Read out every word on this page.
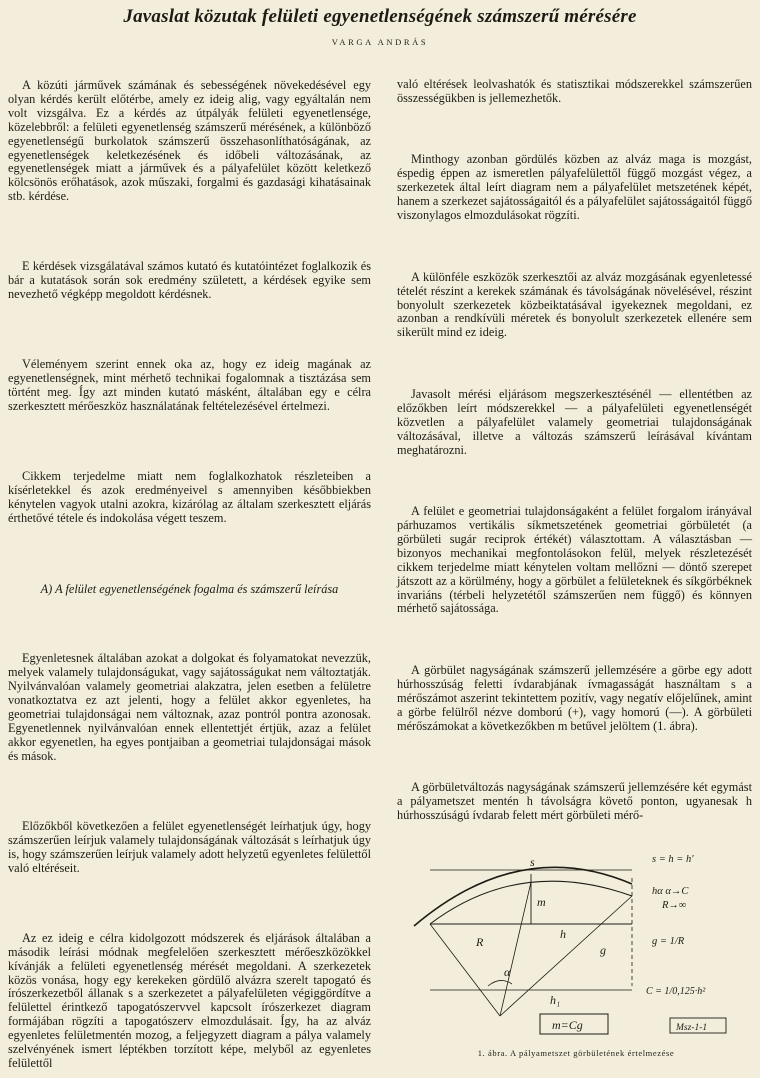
Javaslat közutak felületi egyenetlenségének számszerű mérésére
VARGA ANDRÁS

A közúti járművek számának és sebességének növekedésével egy olyan kérdés került előtérbe, amely ez ideig alig, vagy egyáltalán nem volt vizsgálva. Ez a kérdés az útpályák felületi egyenetlensége, közelebbről: a felületi egyenetlenség számszerű mérésének, a különböző egyenetlenségű burkolatok számszerű összehasonlíthatóságának, az egyenetlenségek keletkezésének és időbeli változásának, az egyenetlenségek miatt a járművek és a pályafelület között keletkező kölcsönös erőhatások, azok műszaki, forgalmi és gazdasági kihatásainak stb. kérdése.

E kérdések vizsgálatával számos kutató és kutatóintézet foglalkozik és bár a kutatások során sok eredmény született, a kérdések egyike sem nevezhető végképp megoldott kérdésnek.

Véleményem szerint ennek oka az, hogy ez ideig magának az egyenetlenségnek, mint mérhető technikai fogalomnak a tisztázása sem történt meg. Így azt minden kutató másként, általában egy e célra szerkesztett mérőeszköz használatának feltételezésével értelmezi.

Cikkem terjedelme miatt nem foglalkozhatok részleteiben a kísérletekkel és azok eredményeivel s amennyiben későbbiekben kénytelen vagyok utalni azokra, kizárólag az általam szerkesztett eljárás érthetővé tétele és indokolása végett teszem.

A) A felület egyenetlenségének fogalma és számszerű leírása

Egyenletesnek általában azokat a dolgokat és folyamatokat nevezzük, melyek valamely tulajdonságukat, vagy sajátosságukat nem változtatják. Nyilvánvalóan valamely geometriai alakzatra, jelen esetben a felületre vonatkoztatva ez azt jelenti, hogy a felület akkor egyenletes, ha geometriai tulajdonságai nem változnak, azaz pontról pontra azonosak. Egyenetlennek nyilvánvalóan ennek ellentettjét értjük, azaz a felület akkor egyenetlen, ha egyes pontjaiban a geometriai tulajdonságai mások és mások.

Előzőkből következően a felület egyenetlenségét leírhatjuk úgy, hogy számszerűen leírjuk valamely tulajdonságának változását s leírhatjuk úgy is, hogy számszerűen leírjuk valamely adott helyzetű egyenletes felülettől való eltéréseit.

Az ez ideig e célra kidolgozott módszerek és eljárások általában a második leírási módnak megfelelően szerkesztett mérőeszközökkel kívánják a felületi egyenetlenség mérését megoldani. A szerkezetek közös vonása, hogy egy kerekeken gördülő alvázra szerelt tapogató és írószerkezetből állanak s a szerkezetet a pályafelületen végiggördítve a felülettel érintkező tapogatószervvel kapcsolt írószerkezet diagram formájában rögzíti a tapogatószerv elmozdulásait. Így, ha az alváz egyenletes felületmentén mozog, a feljegyzett diagram a pálya valamely szelvényének ismert léptékben torzított képe, melyből az egyenletes felülettől

való eltérések leolvashatók és statisztikai módszerekkel számszerűen összességükben is jellemezhetők.

Minthogy azonban gördülés közben az alváz maga is mozgást, éspedig éppen az ismeretlen pályafelülettől függő mozgást végez, a szerkezetek által leírt diagram nem a pályafelület metszetének képét, hanem a szerkezet sajátosságaitól és a pályafelület sajátosságaitól függő viszonylagos elmozdulásokat rögzíti.

A különféle eszközök szerkesztői az alváz mozgásának egyenletessé tételét részint a kerekek számának és távolságának növelésével, részint bonyolult szerkezetek közbeiktatásával igyekeznek megoldani, ez azonban a rendkívüli méretek és bonyolult szerkezetek ellenére sem sikerült mind ez ideig.

Javasolt mérési eljárásom megszerkesztésénél — ellentétben az előzőkben leírt módszerekkel — a pályafelületi egyenetlenségét közvetlen a pályafelület valamely geometriai tulajdonságának változásával, illetve a változás számszerű leírásával kívántam meghatározni.

A felület e geometriai tulajdonságaként a felület forgalom irányával párhuzamos vertikális síkmetszetének geometriai görbületét (a görbületi sugár reciprok értékét) választottam. A választásban — bizonyos mechanikai megfontolásokon felül, melyek részletezését cikkem terjedelme miatt kénytelen voltam mellőzni — döntő szerepet játszott az a körülmény, hogy a görbület a felületeknek és síkgörbéknek invariáns (térbeli helyzetétől számszerűen nem függő) és könnyen mérhető sajátossága.

A görbület nagyságának számszerű jellemzésére a görbe egy adott húrhosszúság feletti ívdarabjának ívmagasságát használtam s a mérőszámot aszerint tekintettem pozitív, vagy negatív előjelűnek, amint a görbe felülről nézve domború (+), vagy homorú (—). A görbületi mérőszámokat a következőkben m betűvel jelöltem (1. ábra).

A görbületváltozás nagyságának számszerű jellemzésére két egymást a pályametszet mentén h távolságra követő ponton, ugyanesak h húrhosszúságú ívdarab felett mért görbületi mérő-

s
m
h
h₁
α
R
g
s = h = h'
hα α→C
R→∞
g = 1/R
C = 1/0,125·h²
m=Cg	Msz-1-1
1. ábra. A pályametszet görbületének értelmezése
